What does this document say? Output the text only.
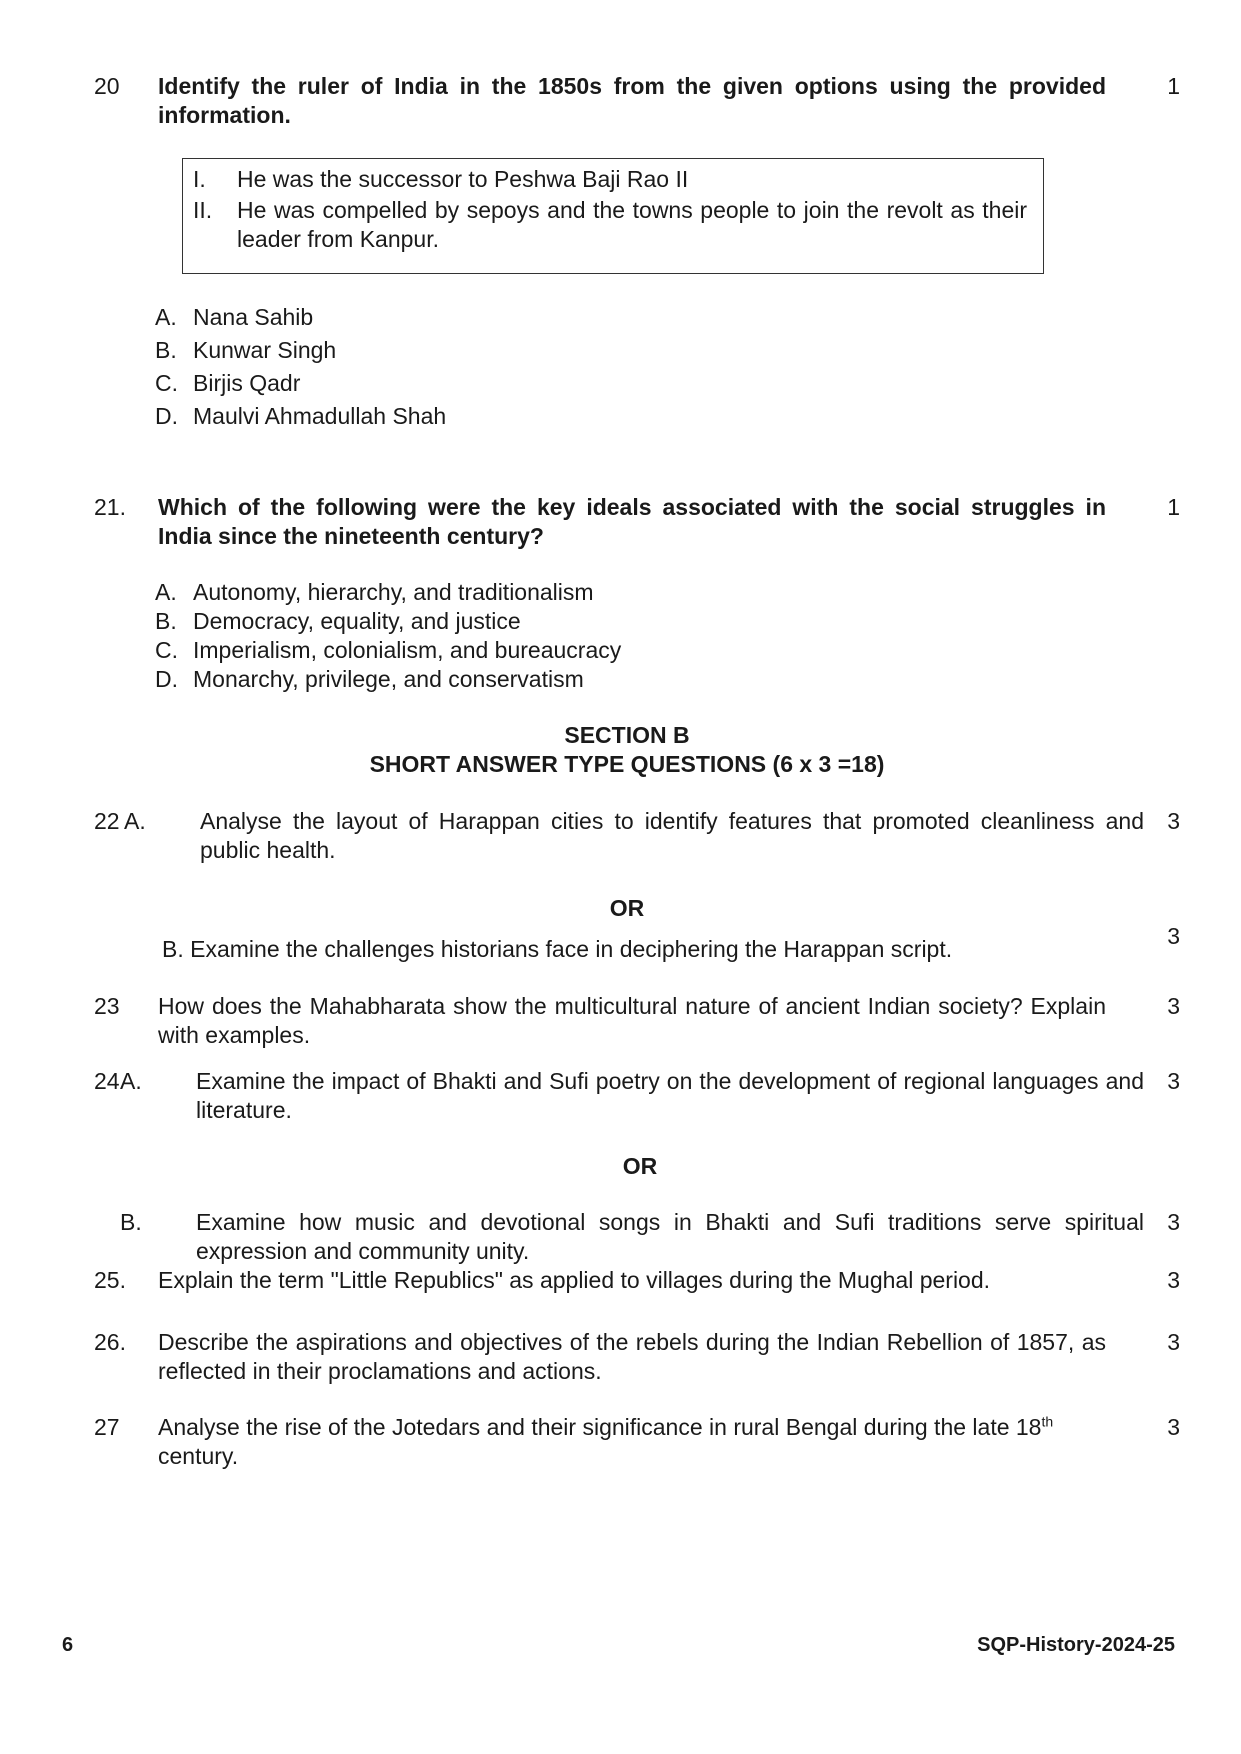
20	Identify the ruler of India in the 1850s from the given options using the provided information.
1
I.	He was the successor to Peshwa Baji Rao II
II.	He was compelled by sepoys and the towns people to join the revolt as their leader from Kanpur.
A. Nana Sahib
B. Kunwar Singh
C. Birjis Qadr
D. Maulvi Ahmadullah Shah
21.	Which of the following were the key ideals associated with the social struggles in India since the nineteenth century?
1
A. Autonomy, hierarchy, and traditionalism
B. Democracy, equality, and justice
C. Imperialism, colonialism, and bureaucracy
D. Monarchy, privilege, and conservatism
SECTION B
SHORT ANSWER TYPE QUESTIONS (6 x 3 =18)
22 A. Analyse the layout of Harappan cities to identify features that promoted cleanliness and public health.
3
OR
B. Examine the challenges historians face in deciphering the Harappan script.	3
23	How does the Mahabharata show the multicultural nature of ancient Indian society? Explain with examples.
3
24 A. Examine the impact of Bhakti and Sufi poetry on the development of regional languages and literature.
3
OR
B. Examine how music and devotional songs in Bhakti and Sufi traditions serve spiritual expression and community unity.
3
25.	Explain the term "Little Republics" as applied to villages during the Mughal period.	3
26.	Describe the aspirations and objectives of the rebels during the Indian Rebellion of 1857, as reflected in their proclamations and actions.
3
27	Analyse the rise of the Jotedars and their significance in rural Bengal during the late 18th century.
3
6	SQP-History-2024-25
